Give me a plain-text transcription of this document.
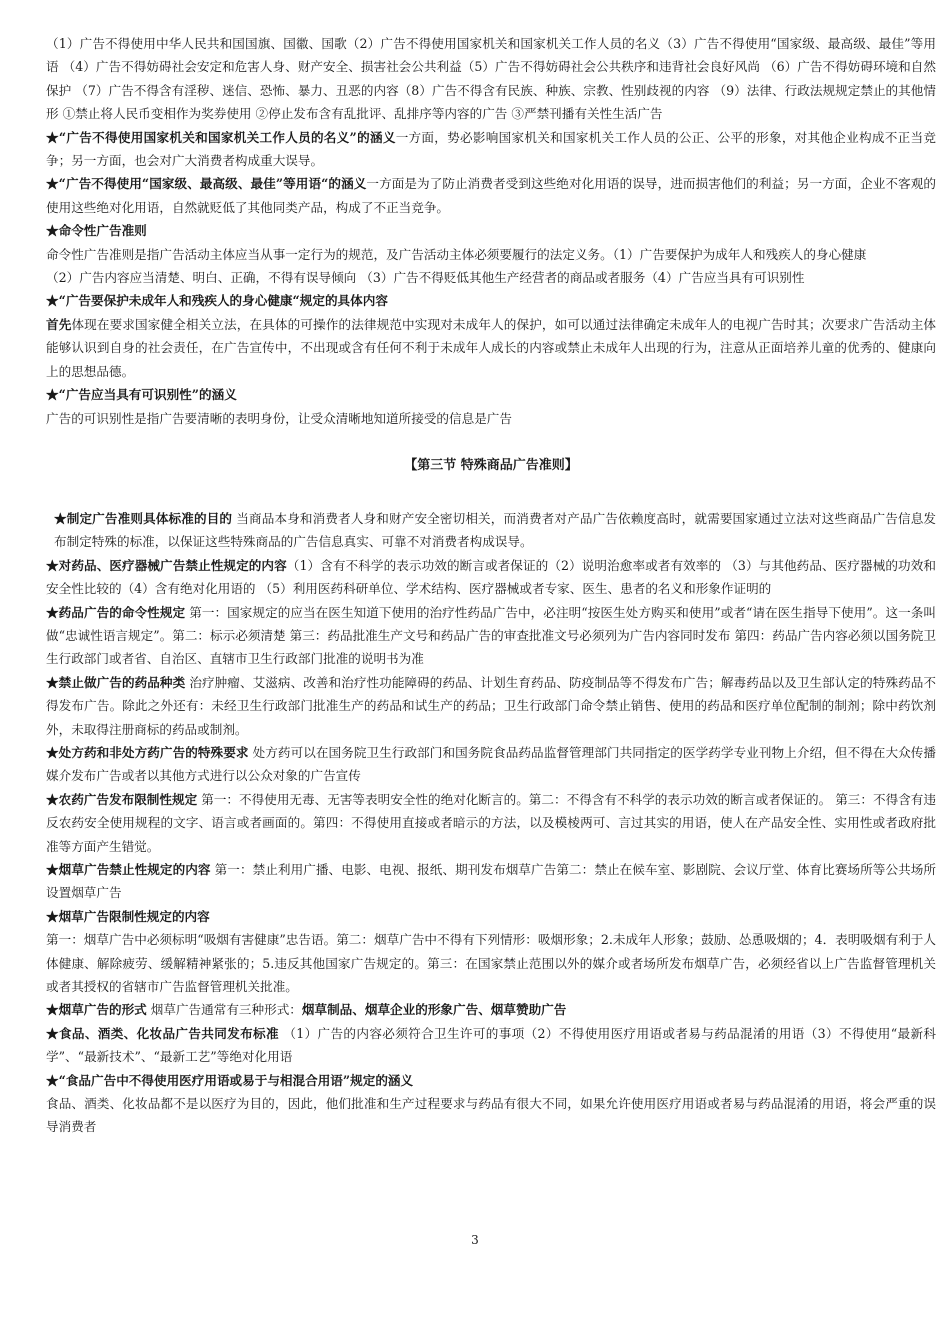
（1）广告不得使用中华人民共和国国旗、国徽、国歌（2）广告不得使用国家机关和国家机关工作人员的名义（3）广告不得使用“国家级、最高级、最佳”等用语 （4）广告不得妨碍社会安定和危害人身、财产安全、损害社会公共利益（5）广告不得妨碍社会公共秩序和违背社会良好风尚 （6）广告不得妨碍环境和自然保护 （7）广告不得含有淫秽、迷信、恐怖、暴力、丑恶的内容（8）广告不得含有民族、种族、宗教、性别歧视的内容 （9）法律、行政法规规定禁止的其他情形 ①禁止将人民币变相作为奖券使用 ②停止发布含有乱批评、乱排序等内容的广告 ③严禁刊播有关性生活广告

★“广告不得使用国家机关和国家机关工作人员的名义”的涵义一方面，势必影响国家机关和国家机关工作人员的公正、公平的形象，对其他企业构成不正当竞争；另一方面，也会对广大消费者构成重大误导。

★“广告不得使用“国家级、最高级、最佳”等用语“的涵义一方面是为了防止消费者受到这些绝对化用语的误导，进而损害他们的利益；另一方面，企业不客观的使用这些绝对化用语，自然就贬低了其他同类产品，构成了不正当竞争。

★命令性广告准则

命令性广告准则是指广告活动主体应当从事一定行为的规范，及广告活动主体必须要履行的法定义务。（1）广告要保护为成年人和残疾人的身心健康

（2）广告内容应当清楚、明白、正确，不得有误导倾向 （3）广告不得贬低其他生产经营者的商品或者服务（4）广告应当具有可识别性

★“广告要保护未成年人和残疾人的身心健康“规定的具体内容

首先体现在要求国家健全相关立法，在具体的可操作的法律规范中实现对未成年人的保护，如可以通过法律确定未成年人的电视广告时其；次要求广告活动主体能够认识到自身的社会责任，在广告宣传中，不出现或含有任何不利于未成年人成长的内容或禁止未成年人出现的行为，注意从正面培养儿童的优秀的、健康向上的思想品德。

★“广告应当具有可识别性”的涵义

广告的可识别性是指广告要清晰的表明身份，让受众清晰地知道所接受的信息是广告

【第三节 特殊商品广告准则】

★制定广告准则具体标准的目的 当商品本身和消费者人身和财产安全密切相关，而消费者对产品广告依赖度高时，就需要国家通过立法对这些商品广告信息发布制定特殊的标准，以保证这些特殊商品的广告信息真实、可靠不对消费者构成误导。

★对药品、医疗器械广告禁止性规定的内容（1）含有不科学的表示功效的断言或者保证的（2）说明治愈率或者有效率的 （3）与其他药品、医疗器械的功效和安全性比较的（4）含有绝对化用语的 （5）利用医药科研单位、学术结构、医疗器械或者专家、医生、患者的名义和形象作证明的

★药品广告的命令性规定 第一：国家规定的应当在医生知道下使用的治疗性药品广告中，必注明“按医生处方购买和使用”或者“请在医生指导下使用”。这一条叫做“忠诚性语言规定”。第二：标示必须清楚 第三：药品批准生产文号和药品广告的审查批准文号必须列为广告内容同时发布 第四：药品广告内容必须以国务院卫生行政部门或者省、自治区、直辖市卫生行政部门批准的说明书为准

★禁止做广告的药品种类 治疗肿瘤、艾滋病、改善和治疗性功能障碍的药品、计划生育药品、防疫制品等不得发布广告；解毒药品以及卫生部认定的特殊药品不得发布广告。除此之外还有：未经卫生行政部门批准生产的药品和试生产的药品；卫生行政部门命令禁止销售、使用的药品和医疗单位配制的制剂；除中药饮剂外，未取得注册商标的药品或制剂。

★处方药和非处方药广告的特殊要求 处方药可以在国务院卫生行政部门和国务院食品药品监督管理部门共同指定的医学药学专业刊物上介绍，但不得在大众传播媒介发布广告或者以其他方式进行以公众对象的广告宣传

★农药广告发布限制性规定 第一：不得使用无毒、无害等表明安全性的绝对化断言的。第二：不得含有不科学的表示功效的断言或者保证的。 第三：不得含有违反农药安全使用规程的文字、语言或者画面的。第四：不得使用直接或者暗示的方法，以及模棱两可、言过其实的用语，使人在产品安全性、实用性或者政府批准等方面产生错觉。

★烟草广告禁止性规定的内容 第一：禁止利用广播、电影、电视、报纸、期刊发布烟草广告第二：禁止在候车室、影剧院、会议厅堂、体育比赛场所等公共场所设置烟草广告

★烟草广告限制性规定的内容

第一：烟草广告中必须标明“吸烟有害健康”忠告语。第二：烟草广告中不得有下列情形：吸烟形象；2.未成年人形象；鼓励、怂恿吸烟的；4．表明吸烟有利于人体健康、解除疲劳、缓解精神紧张的；5.违反其他国家广告规定的。第三：在国家禁止范围以外的媒介或者场所发布烟草广告，必须经省以上广告监督管理机关或者其授权的省辖市广告监督管理机关批准。

★烟草广告的形式 烟草广告通常有三种形式：烟草制品、烟草企业的形象广告、烟草赞助广告

★食品、酒类、化妆品广告共同发布标准 （1）广告的内容必须符合卫生许可的事项（2）不得使用医疗用语或者易与药品混淆的用语（3）不得使用“最新科学”、“最新技术”、“最新工艺”等绝对化用语

★“食品广告中不得使用医疗用语或易于与相混合用语”规定的涵义

食品、酒类、化妆品都不是以医疗为目的，因此，他们批准和生产过程要求与药品有很大不同，如果允许使用医疗用语或者易与药品混淆的用语，将会严重的误导消费者

3
